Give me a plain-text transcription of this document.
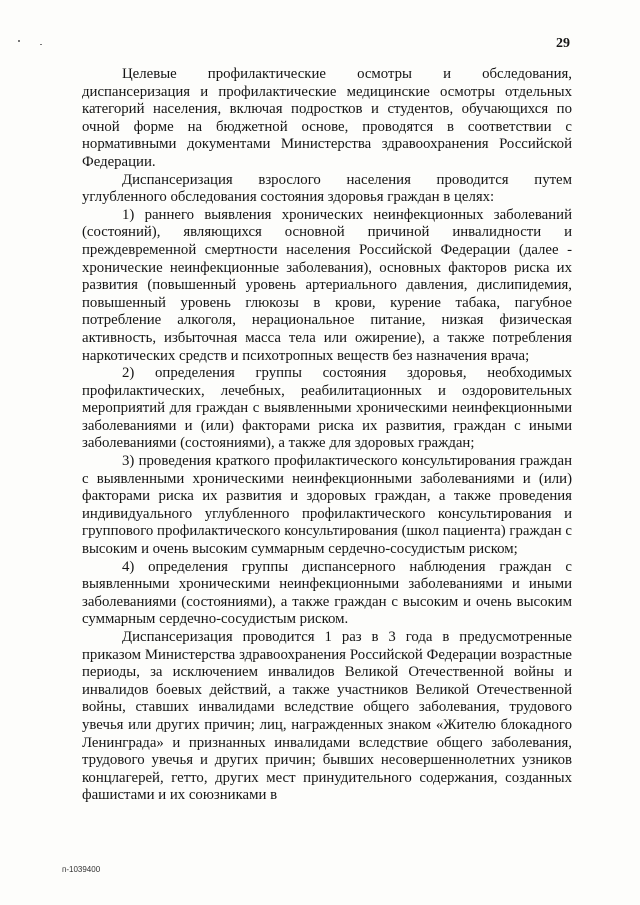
29

Целевые профилактические осмотры и обследования, диспансеризация и профилактические медицинские осмотры отдельных категорий населения, включая подростков и студентов, обучающихся по очной форме на бюджетной основе, проводятся в соответствии с нормативными документами Министерства здравоохранения Российской Федерации.

Диспансеризация взрослого населения проводится путем углубленного обследования состояния здоровья граждан в целях:

1) раннего выявления хронических неинфекционных заболеваний (состояний), являющихся основной причиной инвалидности и преждевременной смертности населения Российской Федерации (далее - хронические неинфекционные заболевания), основных факторов риска их развития (повышенный уровень артериального давления, дислипидемия, повышенный уровень глюкозы в крови, курение табака, пагубное потребление алкоголя, нерациональное питание, низкая физическая активность, избыточная масса тела или ожирение), а также потребления наркотических средств и психотропных веществ без назначения врача;

2) определения группы состояния здоровья, необходимых профилактических, лечебных, реабилитационных и оздоровительных мероприятий для граждан с выявленными хроническими неинфекционными заболеваниями и (или) факторами риска их развития, граждан с иными заболеваниями (состояниями), а также для здоровых граждан;

3) проведения краткого профилактического консультирования граждан с выявленными хроническими неинфекционными заболеваниями и (или) факторами риска их развития и здоровых граждан, а также проведения индивидуального углубленного профилактического консультирования и группового профилактического консультирования (школ пациента) граждан с высоким и очень высоким суммарным сердечно-сосудистым риском;

4) определения группы диспансерного наблюдения граждан с выявленными хроническими неинфекционными заболеваниями и иными заболеваниями (состояниями), а также граждан с высоким и очень высоким суммарным сердечно-сосудистым риском.

Диспансеризация проводится 1 раз в 3 года в предусмотренные приказом Министерства здравоохранения Российской Федерации возрастные периоды, за исключением инвалидов Великой Отечественной войны и инвалидов боевых действий, а также участников Великой Отечественной войны, ставших инвалидами вследствие общего заболевания, трудового увечья или других причин; лиц, награжденных знаком «Жителю блокадного Ленинграда» и признанных инвалидами вследствие общего заболевания, трудового увечья и других причин; бывших несовершеннолетних узников концлагерей, гетто, других мест принудительного содержания, созданных фашистами и их союзниками в

п-1039400
